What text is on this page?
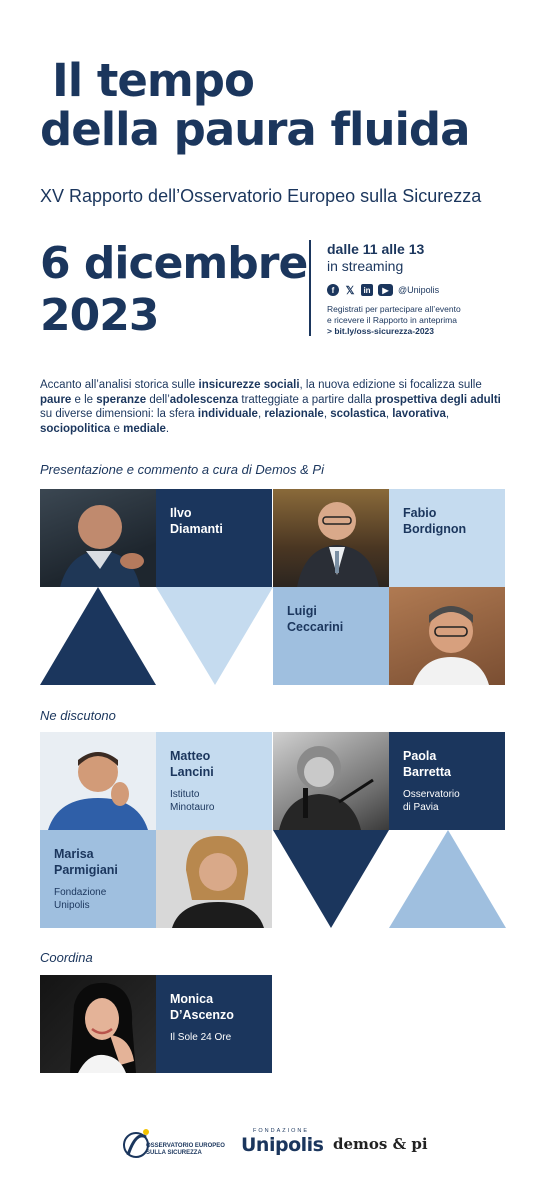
Il tempo
della paura fluida
XV Rapporto dell’Osservatorio Europeo sulla Sicurezza
6 dicembre
2023
dalle 11 alle 13
in streaming
f	𝕏	in	▶	@Unipolis
Registrati per partecipare all’evento
e ricevere il Rapporto in anteprima
> bit.ly/oss-sicurezza-2023
Accanto all’analisi storica sulle insicurezze sociali, la nuova edizione si focalizza sulle paure e le speranze dell’adolescenza tratteggiate a partire dalla prospettiva degli adulti su diverse dimensioni: la sfera individuale, relazionale, scolastica, lavorativa, sociopolitica e mediale.
Presentazione e commento a cura di Demos & Pi
Ilvo
Diamanti
Fabio
Bordignon
Luigi
Ceccarini
Ne discutono
Matteo
Lancini
Istituto
Minotauro
Paola
Barretta
Osservatorio
di Pavia
Marisa
Parmigiani
Fondazione
Unipolis
Coordina
Monica
D’Ascenzo
Il Sole 24 Ore
OSSERVATORIO EUROPEO
SULLA SICUREZZA
FONDAZIONE
Unipolis demos & pi
